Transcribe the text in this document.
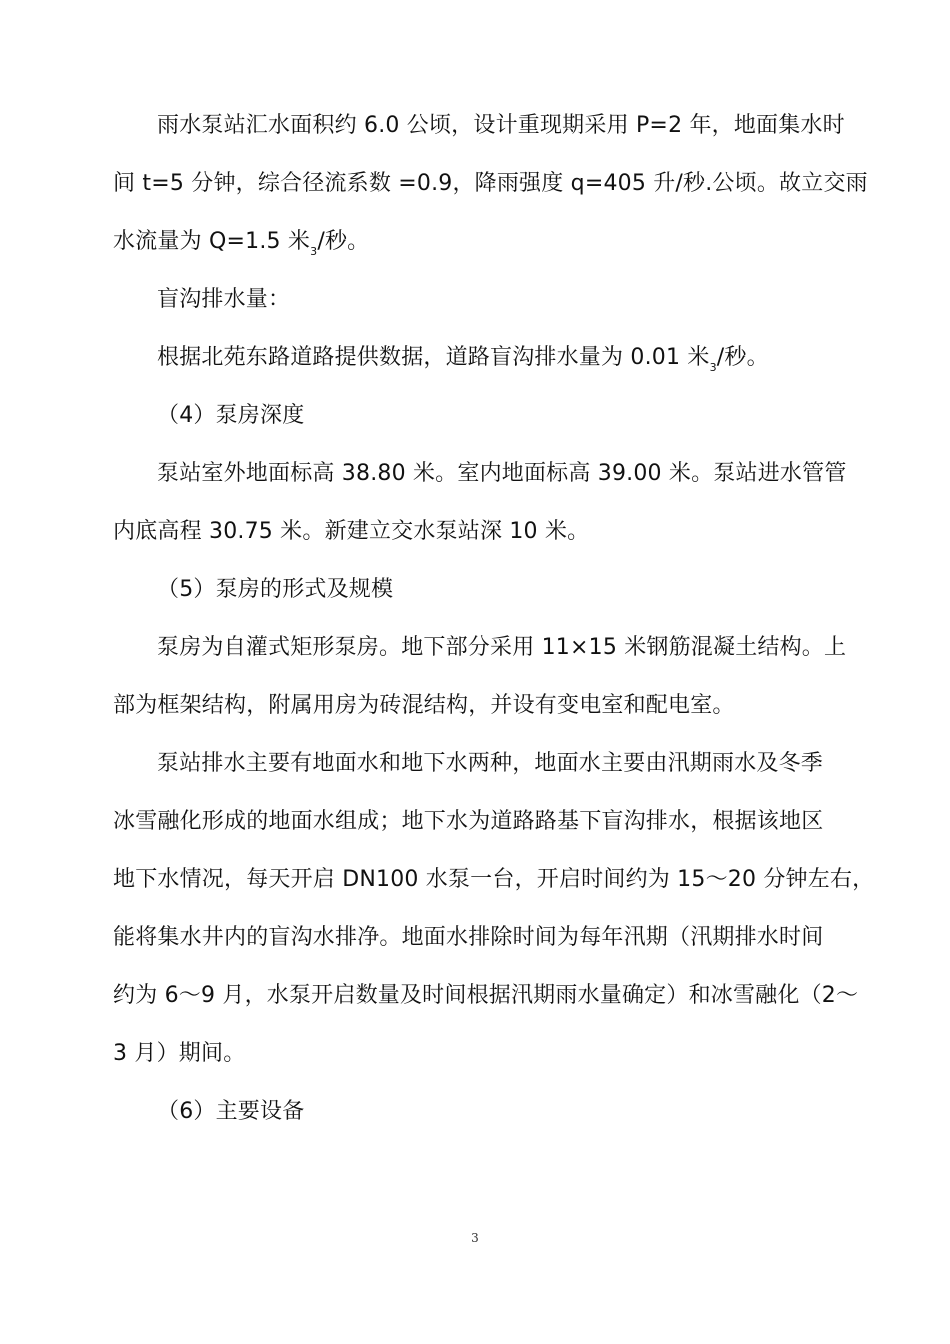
雨水泵站汇水面积约 6.0 公顷，设计重现期采用 P=2 年，地面集水时
间 t=5 分钟，综合径流系数 =0.9，降雨强度 q=405 升/秒.公顷。故立交雨
水流量为 Q=1.5 米$_3$/秒。
盲沟排水量：
根据北苑东路道路提供数据，道路盲沟排水量为 0.01 米$_3$/秒。
（4）泵房深度
泵站室外地面标高 38.80 米。室内地面标高 39.00 米。泵站进水管管
内底高程 30.75 米。新建立交水泵站深 10 米。
（5）泵房的形式及规模
泵房为自灌式矩形泵房。地下部分采用 11×15 米钢筋混凝土结构。上
部为框架结构，附属用房为砖混结构，并设有变电室和配电室。
泵站排水主要有地面水和地下水两种，地面水主要由汛期雨水及冬季
冰雪融化形成的地面水组成；地下水为道路路基下盲沟排水，根据该地区
地下水情况，每天开启 DN100 水泵一台，开启时间约为 15～20 分钟左右，
能将集水井内的盲沟水排净。地面水排除时间为每年汛期（汛期排水时间
约为 6～9 月，水泵开启数量及时间根据汛期雨水量确定）和冰雪融化（2～
3 月）期间。
（6）主要设备
3
